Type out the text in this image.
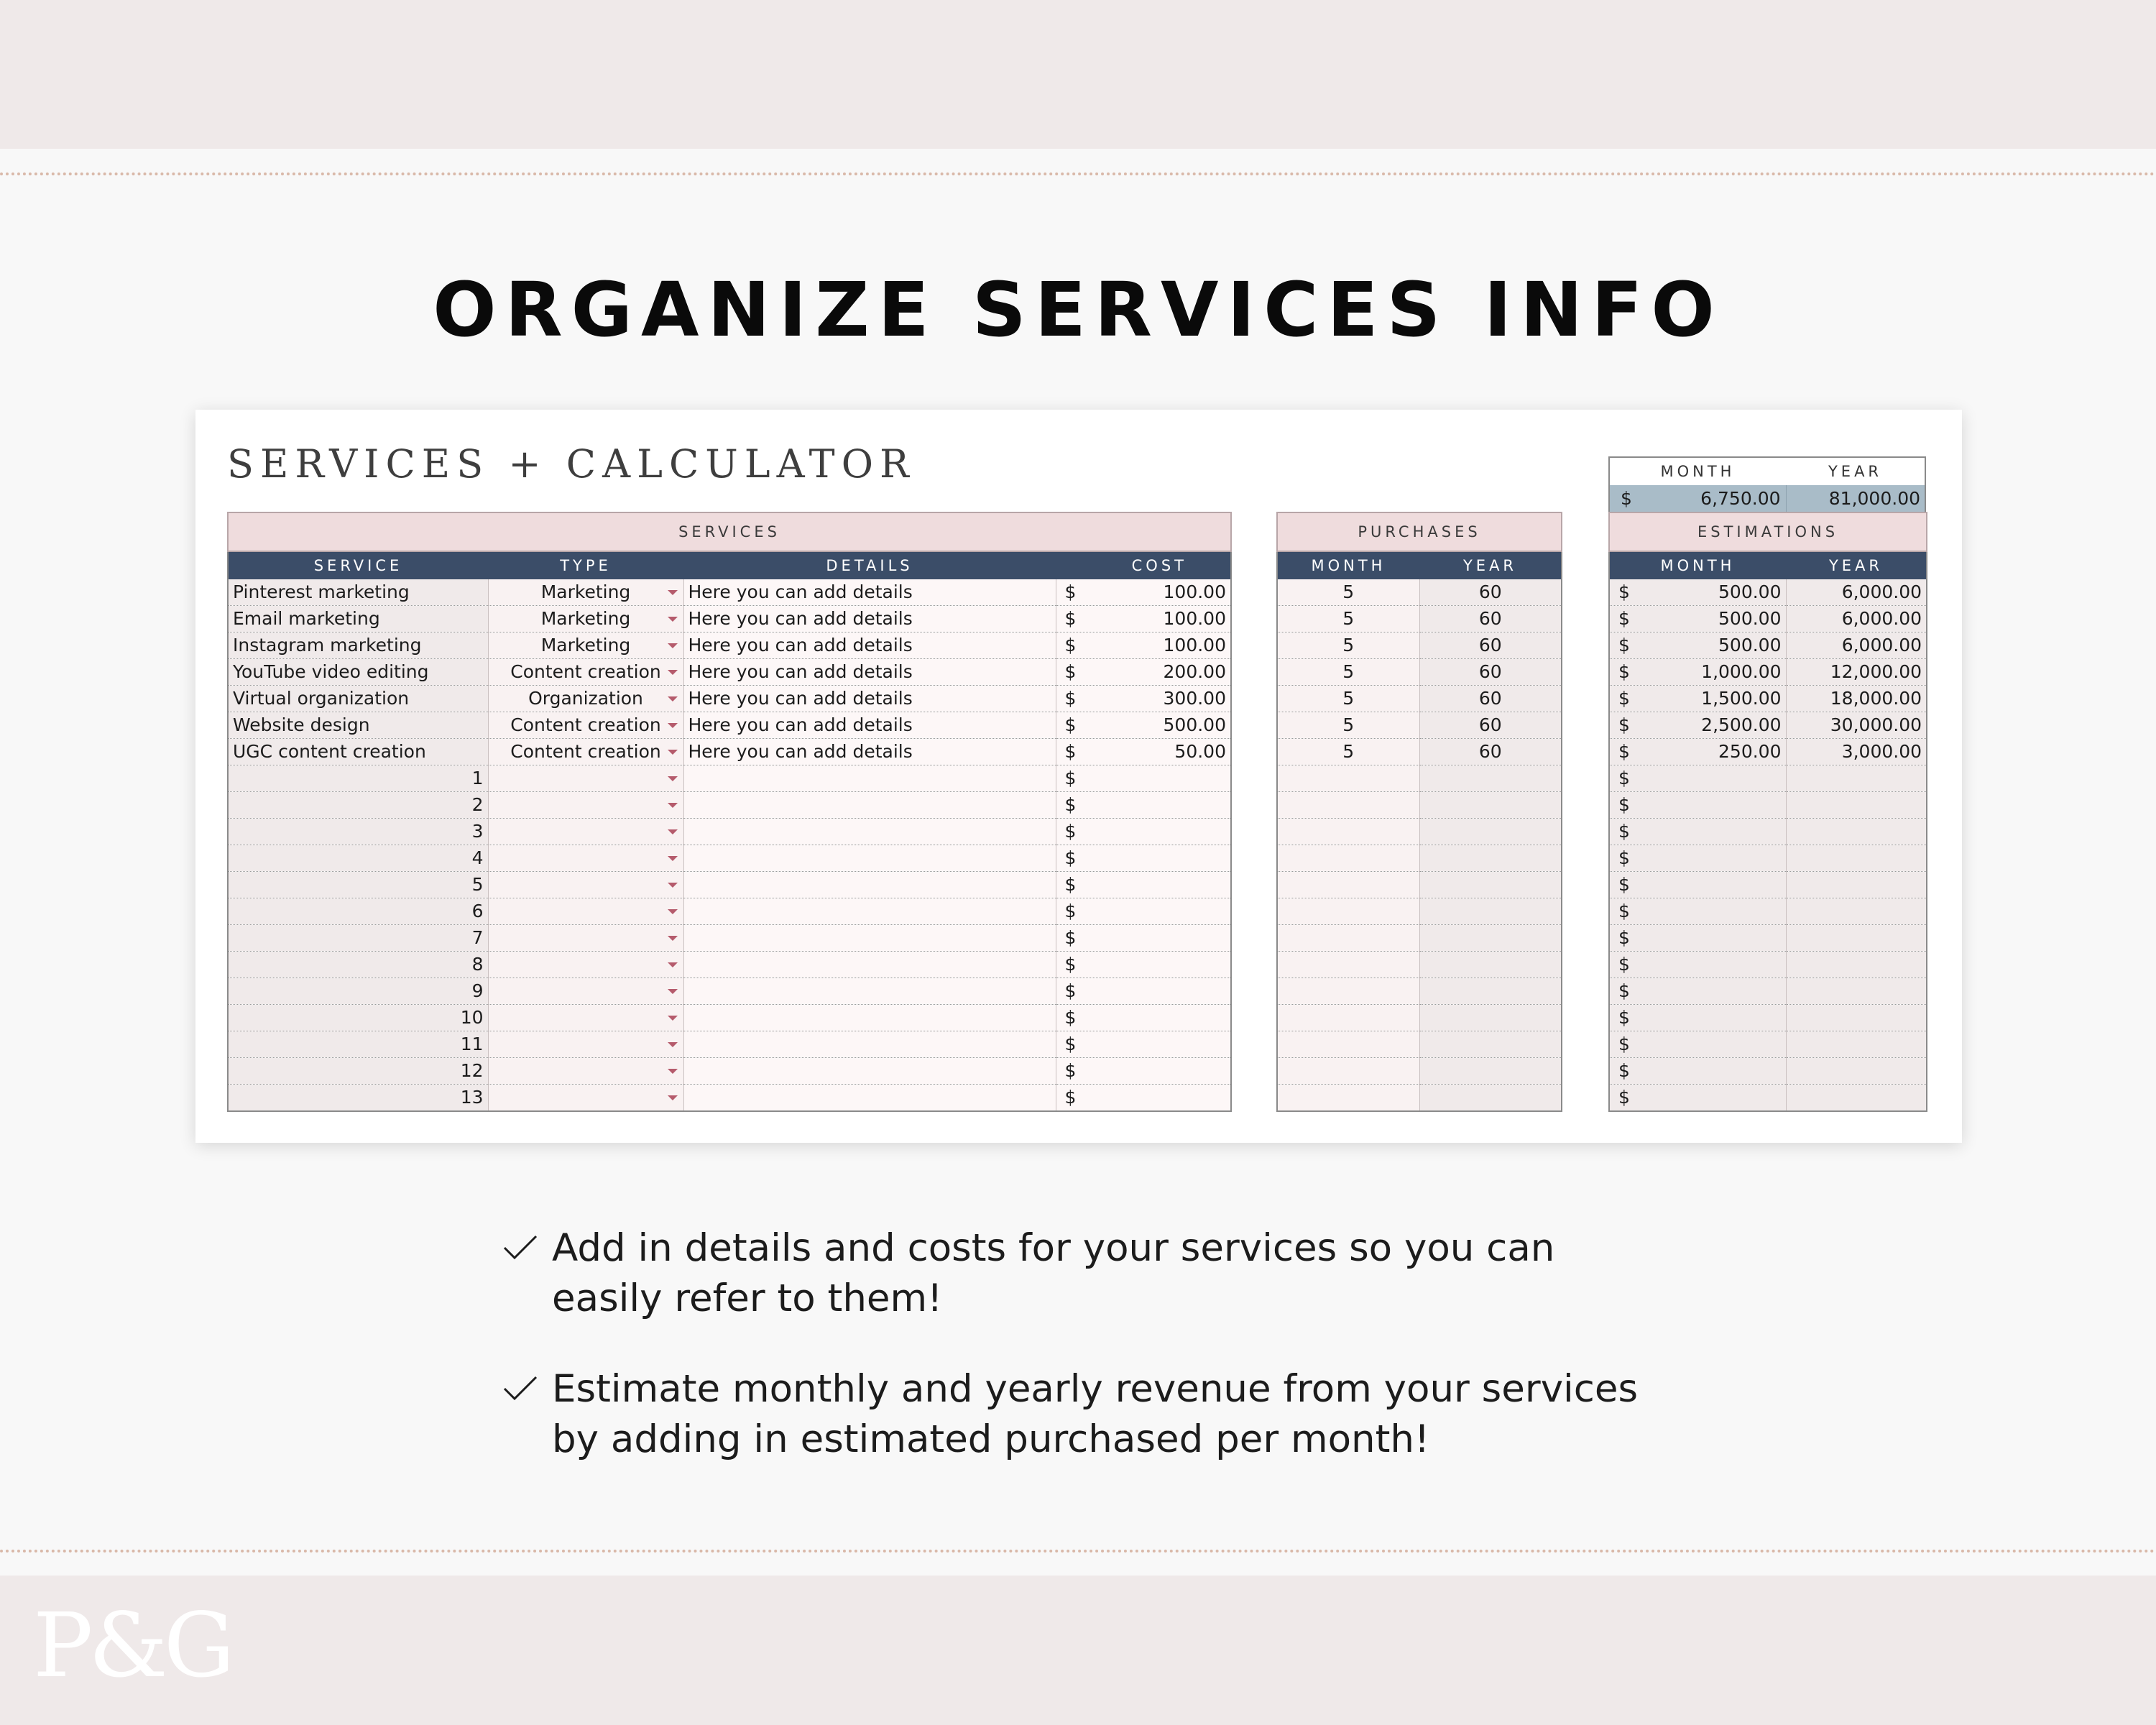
ORGANIZE SERVICES INFO
SERVICES + CALCULATOR	MONTH	YEAR

$ 6,750.00	81,000.00
SERVICES			
SERVICE	TYPE	DETAILS	COST
Pinterest marketing	Marketing	Here you can add details	$ 100.00

Email marketing	Marketing	Here you can add details	$ 100.00

Instagram marketing	Marketing	Here you can add details	$ 100.00

YouTube video editing	Content creation	Here you can add details	$ 200.00

Virtual organization	Organization	Here you can add details	$ 300.00

Website design	Content creation	Here you can add details	$ 500.00

UGC content creation	Content creation	Here you can add details	$ 50.00

1			$

2			$

3			$

4			$

5			$

6			$

7			$

8			$

9			$

10			$

11			$

12			$

13			$
PURCHASES	
MONTH	YEAR
5	60
5	60
5	60
5	60
5	60
5	60
5	60

ESTIMATIONS	
MONTH	YEAR

$ 500.00	6,000.00

$ 500.00	6,000.00

$ 500.00	6,000.00

$ 1,000.00	12,000.00

$ 1,500.00	18,000.00

$ 2,500.00	30,000.00

$ 250.00	3,000.00

$	

$	

$	

$	

$	

$	

$	

$	

$	

$	

$	

$	

$	

Add in details and costs for your services so you can
easily refer to them!
Estimate monthly and yearly revenue from your services
by adding in estimated purchased per month!
P&G
